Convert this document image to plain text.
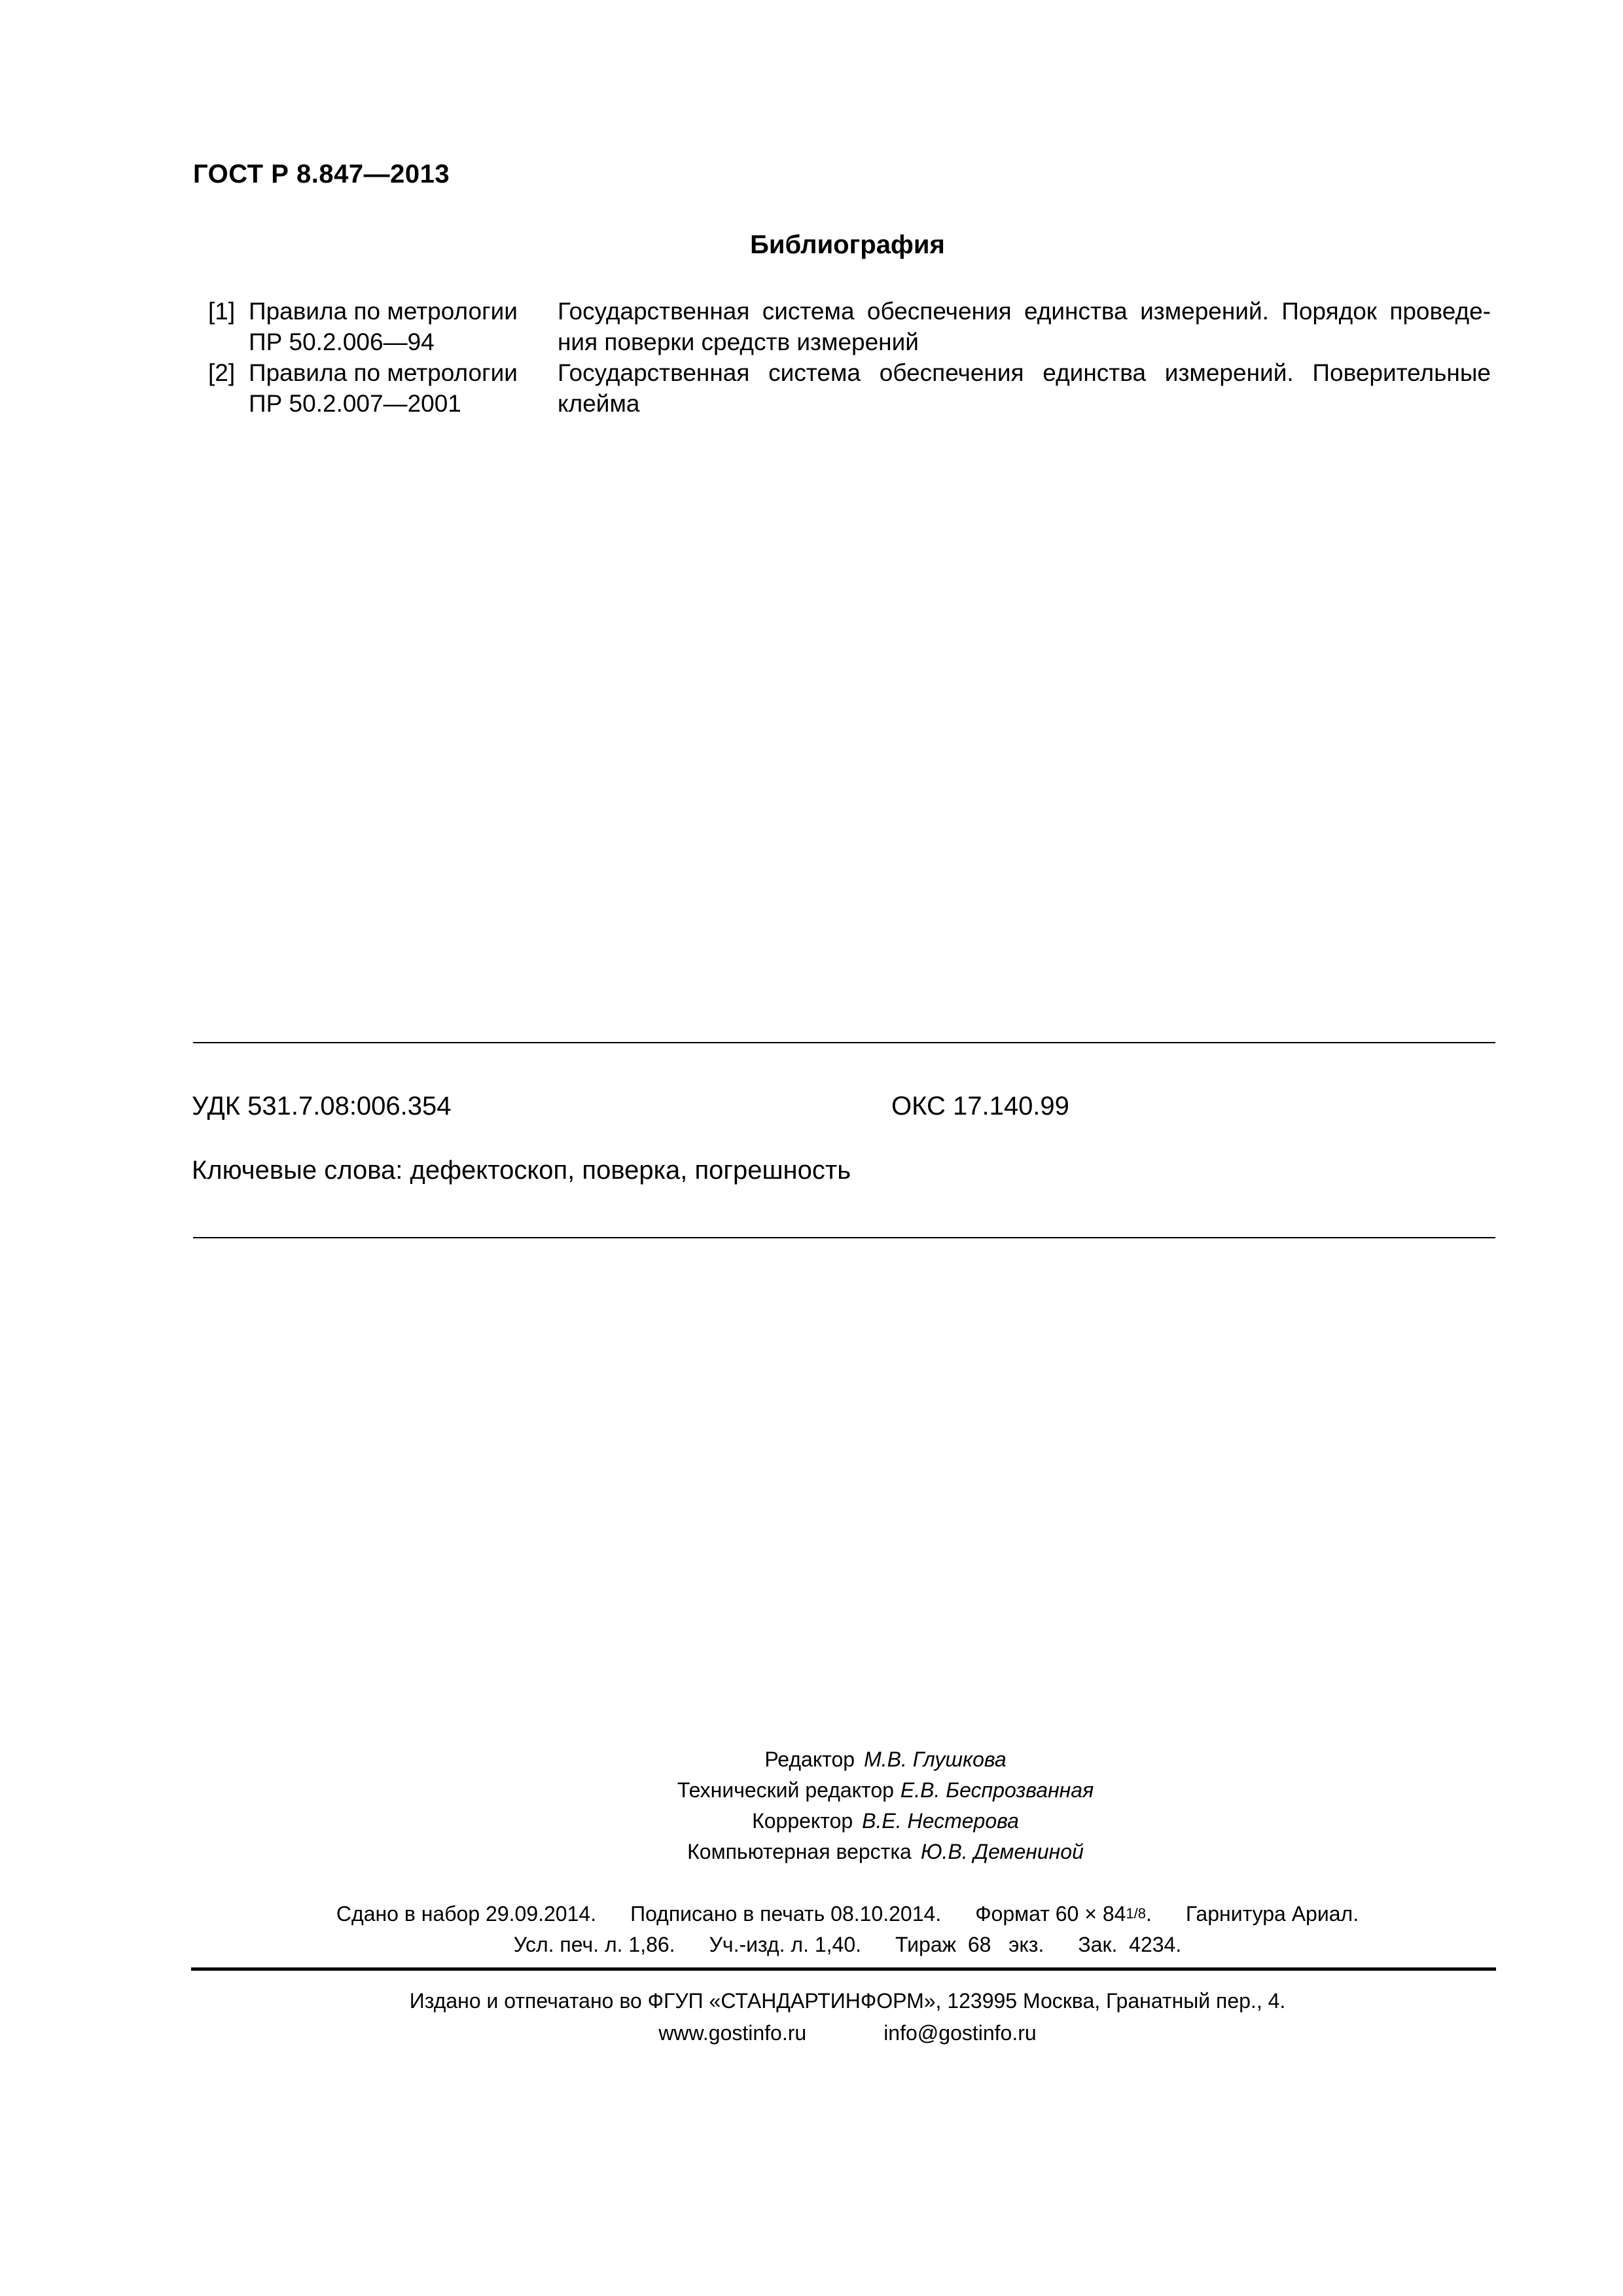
ГОСТ Р 8.847—2013
Библиография
[1] Правила по метрологии
ПР 50.2.006—94
Государственная система обеспечения единства измерений. Порядок проведе-
ния поверки средств измерений
[2] Правила по метрологии
ПР 50.2.007—2001
Государственная система обеспечения единства измерений. Поверительные
клейма
УДК 531.7.08:006.354	ОКС 17.140.99
Ключевые слова: дефектоскоп, поверка, погрешность
Редактор М.В. Глушкова
Технический редактор Е.В. Беспрозванная
Корректор В.Е. Нестерова
Компьютерная верстка Ю.В. Демениной
Сдано в набор 29.09.2014. Подписано в печать 08.10.2014. Формат 60 × 841/8. Гарнитура Ариал.
Усл. печ. л. 1,86. Уч.-изд. л. 1,40. Тираж  68   экз. Зак.  4234.
Издано и отпечатано во ФГУП «СТАНДАРТИНФОРМ», 123995 Москва, Гранатный пер., 4.
www.gostinfo.ru	info@gostinfo.ru
